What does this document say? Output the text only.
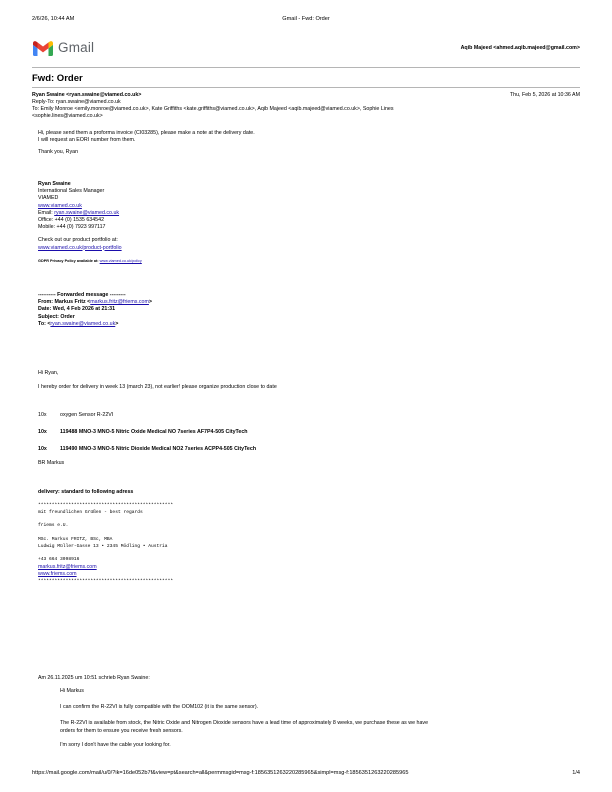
2/6/26, 10:44 AM	Gmail - Fwd: Order
Gmail	Aqib Majeed <ahmed.aqib.majeed@gmail.com>
Fwd: Order
Ryan Swaine <ryan.swaine@viamed.co.uk>	Thu, Feb 5, 2026 at 10:36 AM
Reply-To: ryan.swaine@viamed.co.uk
To: Emily Monroe <emily.monroe@viamed.co.uk>, Kate Griffiths <kate.griffiths@viamed.co.uk>, Aqib Majeed <aqib.majeed@viamed.co.uk>, Sophie Lines
<sophie.lines@viamed.co.uk>
Hi, please send them a proforma invoice (CI03285), please make a note at the delivery date.
I will request an EORI number from them.
Thank you, Ryan
Ryan Swaine
International Sales Manager
VIAMED
www.viamed.co.uk
Email: ryan.swaine@viamed.co.uk
Office: +44 (0) 1535 634542
Mobile: +44 (0) 7923 997117
Check out our product portfolio at:
www.viamed.co.uk/product-portfolio
GDPR Privacy Policy available at: www.viamed.co.uk/policy
---------- Forwarded message ---------
From: Markus Fritz <markus.fritz@friems.com>
Date: Wed, 4 Feb 2026 at 21:31
Subject: Order
To: <ryan.swaine@viamed.co.uk>
Hi Ryan,
I hereby order for delivery in week 13 (march 23), not earlier! please organize production close to date
10x	oxygen Sensor R-22VI
10x 119488 MNO-3 MNO-5 Nitric Oxide Medical NO 7series AF7P4-505 CityTech
10x 119490 MNO-3 MNO-5 Nitric Dioxide Medical NO2 7series ACPP4-505 CityTech
BR Markus
delivery: standard to following adress
*************************************************
mit freundlichen Grüßen - best regards
friems e.U.
MSc. Markus FRITZ, BSc, MBA
Ludwig Müller-Gasse 13 • 2345 Mödling • Austria
+43 664 3098916
markus.fritz@friems.com
www.friems.com
*************************************************
Am 26.11.2025 um 10:51 schrieb Ryan Swaine:
Hi Markus
I can confirm the R-22VI is fully compatible with the OOM102 (it is the same sensor).
The R-22VI is available from stock, the Nitric Oxide and Nitrogen Dioxide sensors have a lead time of approximately 8 weeks, we purchase these as we have
orders for them to ensure you receive fresh sensors.
I'm sorry I don't have the cable your looking for.
https://mail.google.com/mail/u/0/?ik=16de052b7f&view=pt&search=all&permmsgid=msg-f:1856351263220285965&simpl=msg-f:1856351263220285965	1/4
